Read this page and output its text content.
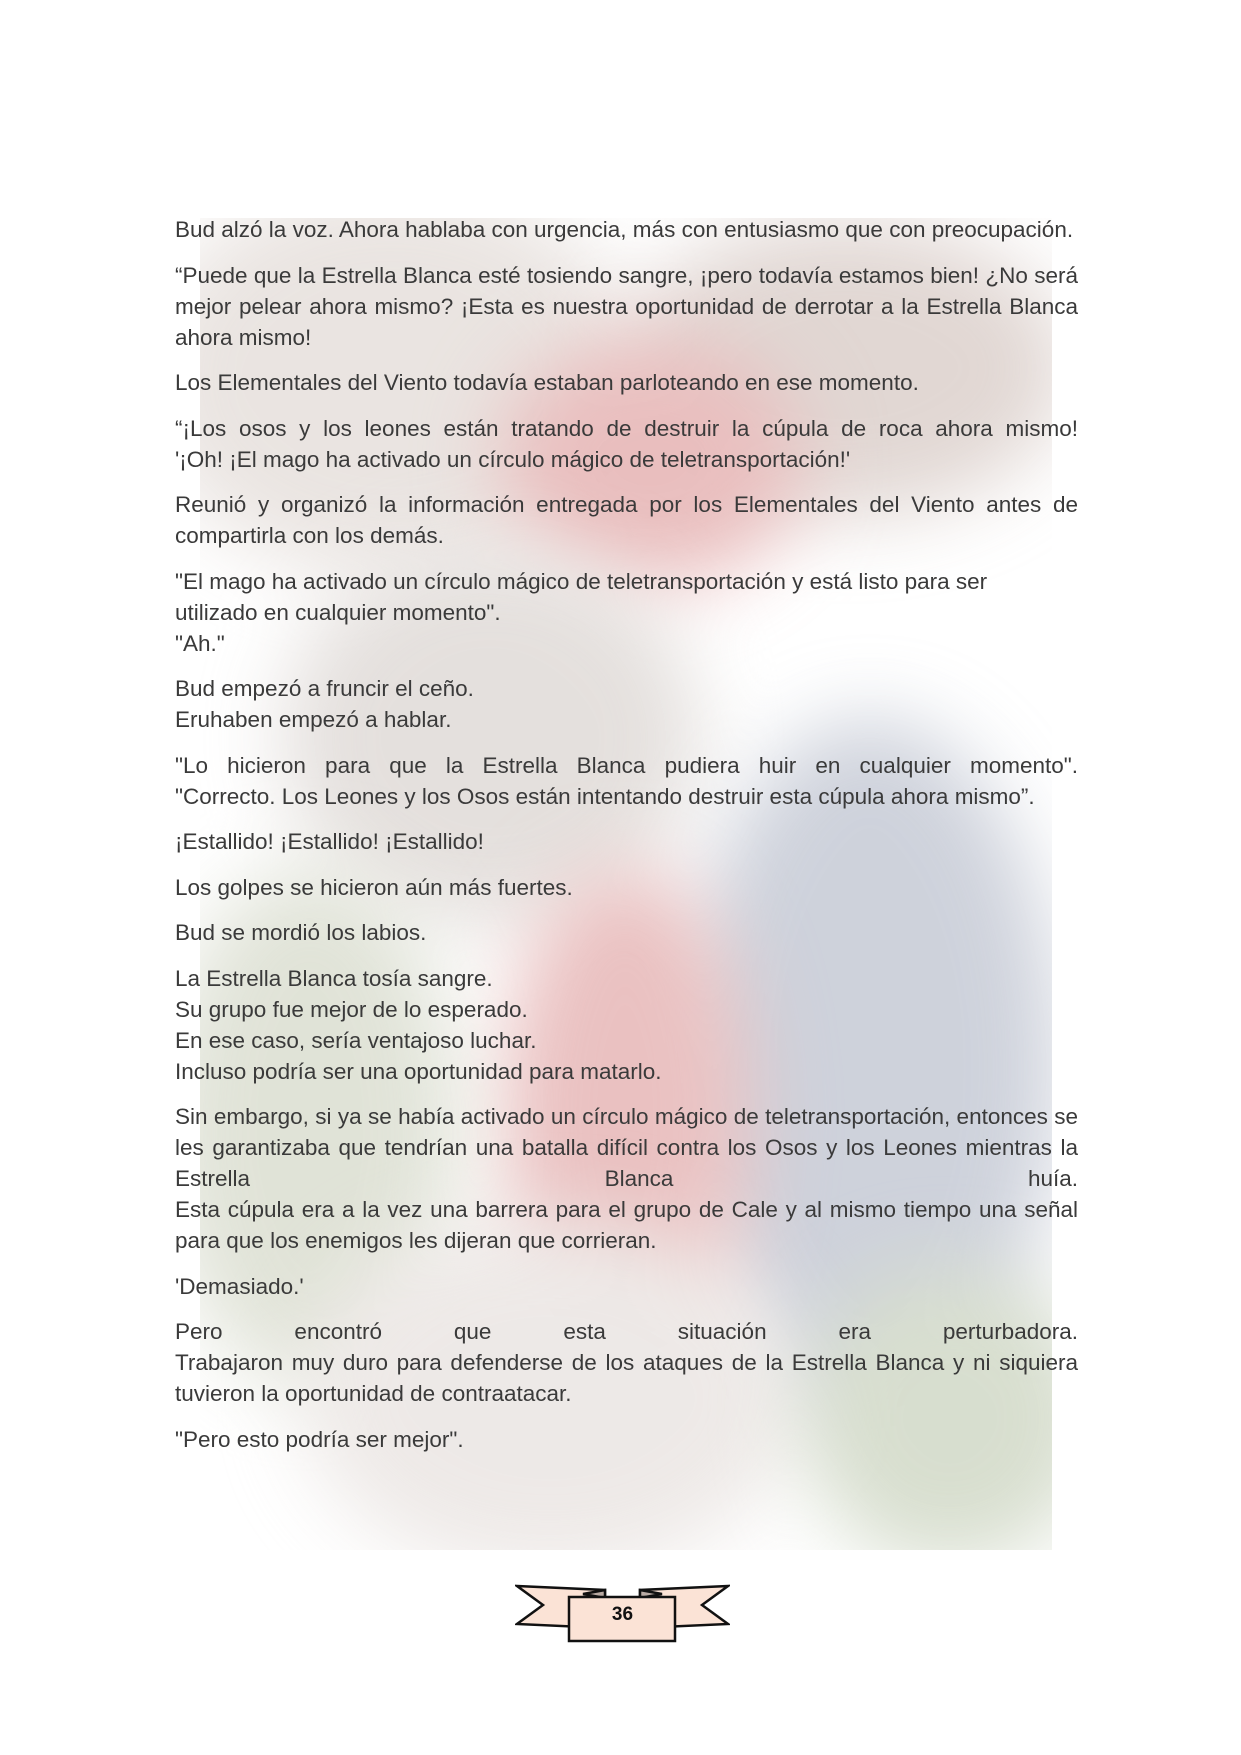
Bud alzó la voz. Ahora hablaba con urgencia, más con entusiasmo que con preocupación.

“Puede que la Estrella Blanca esté tosiendo sangre, ¡pero todavía estamos bien! ¿No será mejor pelear ahora mismo? ¡Esta es nuestra oportunidad de derrotar a la Estrella Blanca ahora mismo!

Los Elementales del Viento todavía estaban parloteando en ese momento.

“¡Los osos y los leones están tratando de destruir la cúpula de roca ahora mismo!
'¡Oh! ¡El mago ha activado un círculo mágico de teletransportación!'

Reunió y organizó la información entregada por los Elementales del Viento antes de compartirla con los demás.

"El mago ha activado un círculo mágico de teletransportación y está listo para ser utilizado en cualquier momento".
"Ah."

Bud empezó a fruncir el ceño.
Eruhaben empezó a hablar.

"Lo hicieron para que la Estrella Blanca pudiera huir en cualquier momento".
"Correcto. Los Leones y los Osos están intentando destruir esta cúpula ahora mismo”.

¡Estallido! ¡Estallido! ¡Estallido!

Los golpes se hicieron aún más fuertes.

Bud se mordió los labios.

La Estrella Blanca tosía sangre.
Su grupo fue mejor de lo esperado.
En ese caso, sería ventajoso luchar.
Incluso podría ser una oportunidad para matarlo.

Sin embargo, si ya se había activado un círculo mágico de teletransportación, entonces se les garantizaba que tendrían una batalla difícil contra los Osos y los Leones mientras la Estrella Blanca huía.
Esta cúpula era a la vez una barrera para el grupo de Cale y al mismo tiempo una señal para que los enemigos les dijeran que corrieran.

'Demasiado.'

Pero encontró que esta situación era perturbadora.
Trabajaron muy duro para defenderse de los ataques de la Estrella Blanca y ni siquiera tuvieron la oportunidad de contraatacar.

"Pero esto podría ser mejor".

36
